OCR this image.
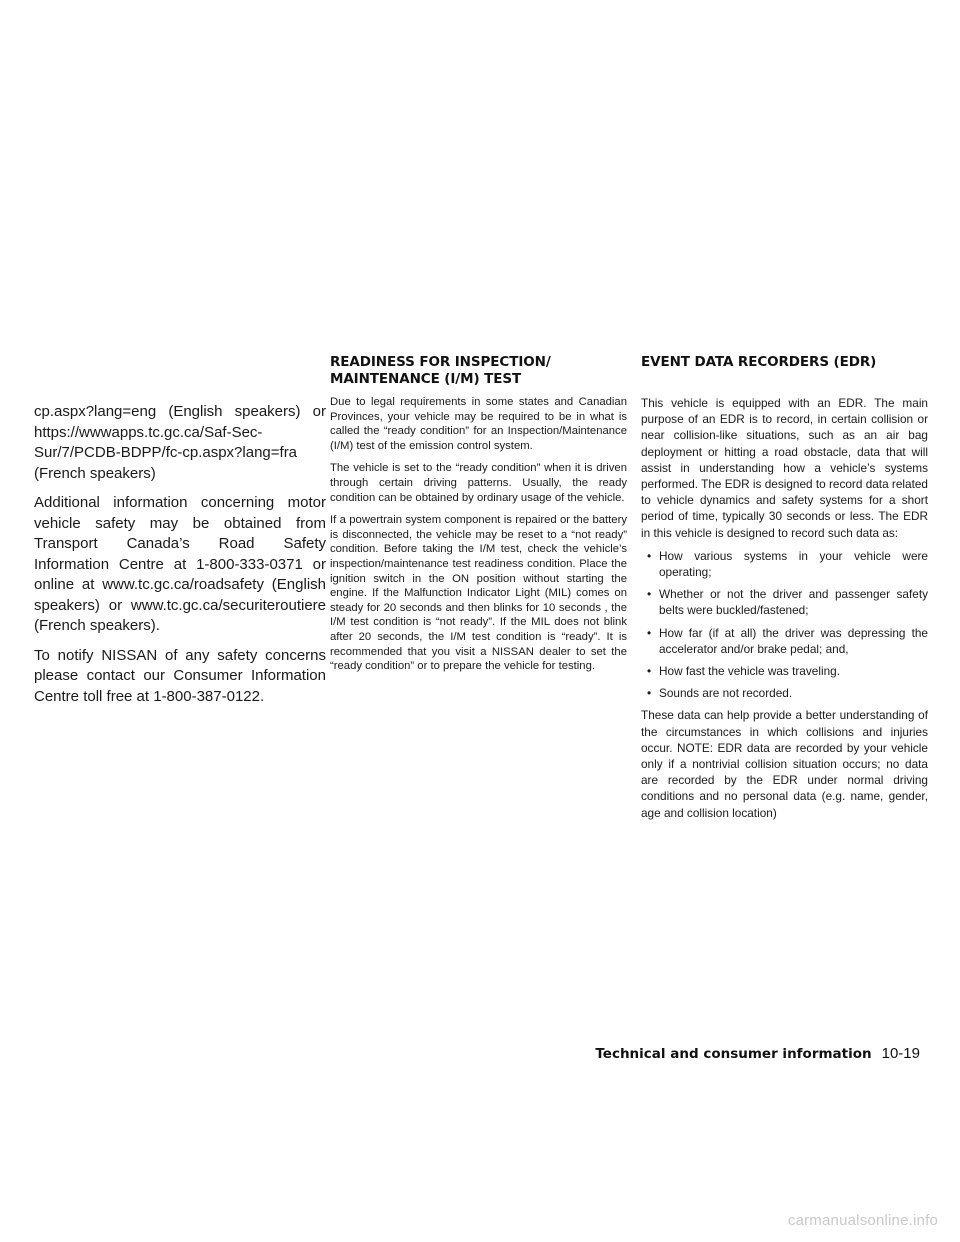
cp.aspx?lang=eng (English speakers) or https://wwwapps.tc.gc.ca/Saf-Sec-Sur/7/PCDB-BDPP/fc-cp.aspx?lang=fra (French speakers)

Additional information concerning motor vehicle safety may be obtained from Transport Canada’s Road Safety Information Centre at 1-800-333-0371 or online at www.tc.gc.ca/roadsafety (English speakers) or www.tc.gc.ca/securiteroutiere (French speakers).

To notify NISSAN of any safety concerns please contact our Consumer Information Centre toll free at 1-800-387-0122.

READINESS FOR INSPECTION/
MAINTENANCE (I/M) TEST

Due to legal requirements in some states and Canadian Provinces, your vehicle may be required to be in what is called the “ready condition” for an Inspection/Maintenance (I/M) test of the emission control system.

The vehicle is set to the “ready condition” when it is driven through certain driving patterns. Usually, the ready condition can be obtained by ordinary usage of the vehicle.

If a powertrain system component is repaired or the battery is disconnected, the vehicle may be reset to a “not ready” condition. Before taking the I/M test, check the vehicle’s inspection/maintenance test readiness condition. Place the ignition switch in the ON position without starting the engine. If the Malfunction Indicator Light (MIL) comes on steady for 20 seconds and then blinks for 10 seconds , the I/M test condition is “not ready”. If the MIL does not blink after 20 seconds, the I/M test condition is “ready”. It is recommended that you visit a NISSAN dealer to set the “ready condition” or to prepare the vehicle for testing.

EVENT DATA RECORDERS (EDR)

This vehicle is equipped with an EDR. The main purpose of an EDR is to record, in certain collision or near collision-like situations, such as an air bag deployment or hitting a road obstacle, data that will assist in understanding how a vehicle’s systems performed. The EDR is designed to record data related to vehicle dynamics and safety systems for a short period of time, typically 30 seconds or less. The EDR in this vehicle is designed to record such data as:

• How various systems in your vehicle were operating;
• Whether or not the driver and passenger safety belts were buckled/fastened;
• How far (if at all) the driver was depressing the accelerator and/or brake pedal; and,
• How fast the vehicle was traveling.
• Sounds are not recorded.

These data can help provide a better understanding of the circumstances in which collisions and injuries occur. NOTE: EDR data are recorded by your vehicle only if a nontrivial collision situation occurs; no data are recorded by the EDR under normal driving conditions and no personal data (e.g. name, gender, age and collision location)

Technical and consumer information 10-19
carmanualsonline.info
